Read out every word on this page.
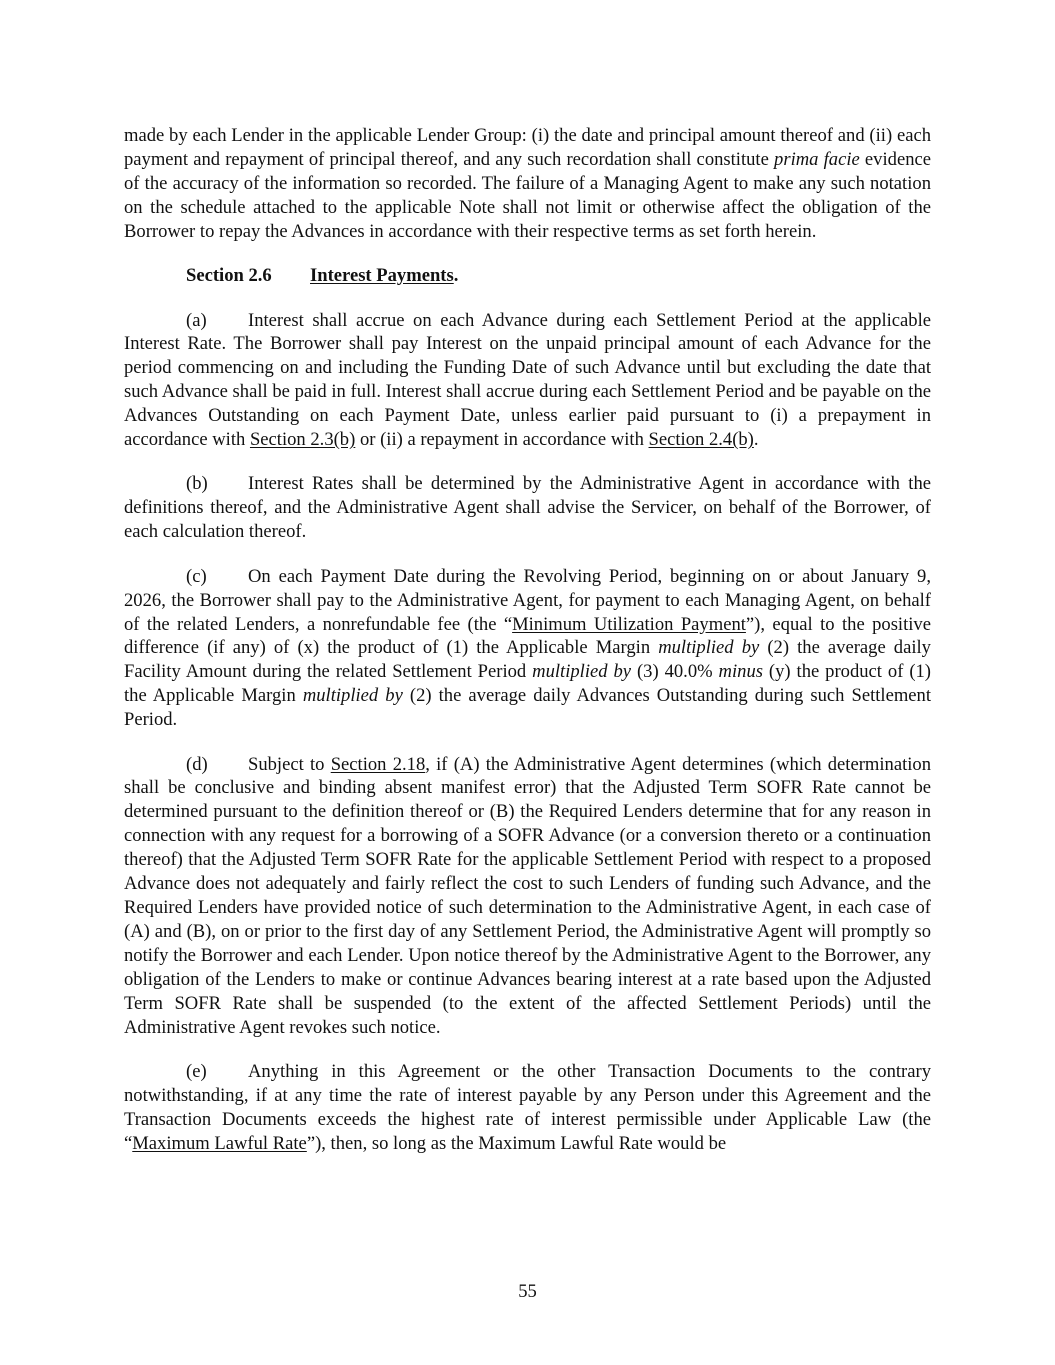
made by each Lender in the applicable Lender Group: (i) the date and principal amount thereof and (ii) each payment and repayment of principal thereof, and any such recordation shall constitute prima facie evidence of the accuracy of the information so recorded. The failure of a Managing Agent to make any such notation on the schedule attached to the applicable Note shall not limit or otherwise affect the obligation of the Borrower to repay the Advances in accordance with their respective terms as set forth herein.

Section 2.6 Interest Payments.

(a) Interest shall accrue on each Advance during each Settlement Period at the applicable Interest Rate. The Borrower shall pay Interest on the unpaid principal amount of each Advance for the period commencing on and including the Funding Date of such Advance until but excluding the date that such Advance shall be paid in full. Interest shall accrue during each Settlement Period and be payable on the Advances Outstanding on each Payment Date, unless earlier paid pursuant to (i) a prepayment in accordance with Section 2.3(b) or (ii) a repayment in accordance with Section 2.4(b).

(b) Interest Rates shall be determined by the Administrative Agent in accordance with the definitions thereof, and the Administrative Agent shall advise the Servicer, on behalf of the Borrower, of each calculation thereof.

(c) On each Payment Date during the Revolving Period, beginning on or about January 9, 2026, the Borrower shall pay to the Administrative Agent, for payment to each Managing Agent, on behalf of the related Lenders, a nonrefundable fee (the “Minimum Utilization Payment”), equal to the positive difference (if any) of (x) the product of (1) the Applicable Margin multiplied by (2) the average daily Facility Amount during the related Settlement Period multiplied by (3) 40.0% minus (y) the product of (1) the Applicable Margin multiplied by (2) the average daily Advances Outstanding during such Settlement Period.

(d) Subject to Section 2.18, if (A) the Administrative Agent determines (which determination shall be conclusive and binding absent manifest error) that the Adjusted Term SOFR Rate cannot be determined pursuant to the definition thereof or (B) the Required Lenders determine that for any reason in connection with any request for a borrowing of a SOFR Advance (or a conversion thereto or a continuation thereof) that the Adjusted Term SOFR Rate for the applicable Settlement Period with respect to a proposed Advance does not adequately and fairly reflect the cost to such Lenders of funding such Advance, and the Required Lenders have provided notice of such determination to the Administrative Agent, in each case of (A) and (B), on or prior to the first day of any Settlement Period, the Administrative Agent will promptly so notify the Borrower and each Lender. Upon notice thereof by the Administrative Agent to the Borrower, any obligation of the Lenders to make or continue Advances bearing interest at a rate based upon the Adjusted Term SOFR Rate shall be suspended (to the extent of the affected Settlement Periods) until the Administrative Agent revokes such notice.

(e) Anything in this Agreement or the other Transaction Documents to the contrary notwithstanding, if at any time the rate of interest payable by any Person under this Agreement and the Transaction Documents exceeds the highest rate of interest permissible under Applicable Law (the “Maximum Lawful Rate”), then, so long as the Maximum Lawful Rate would be

55
